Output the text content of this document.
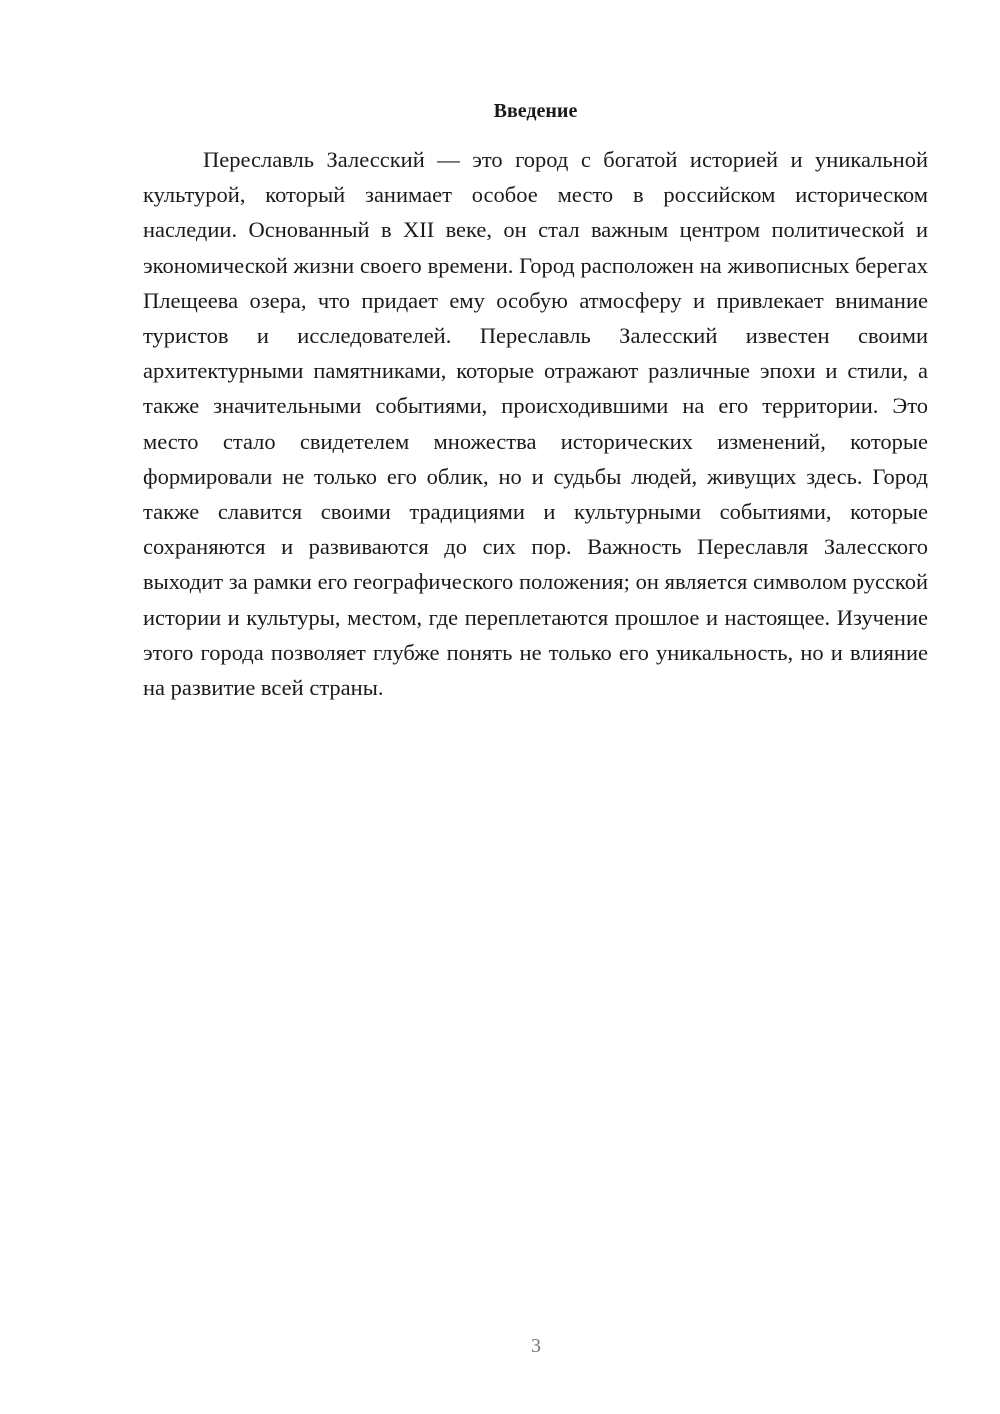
Введение

Переславль Залесский — это город с богатой историей и уникальной культурой, который занимает особое место в российском историческом наследии. Основанный в XII веке, он стал важным центром политической и экономической жизни своего времени. Город расположен на живописных берегах Плещеева озера, что придает ему особую атмосферу и привлекает внимание туристов и исследователей. Переславль Залесский известен своими архитектурными памятниками, которые отражают различные эпохи и стили, а также значительными событиями, происходившими на его территории. Это место стало свидетелем множества исторических изменений, которые формировали не только его облик, но и судьбы людей, живущих здесь. Город также славится своими традициями и культурными событиями, которые сохраняются и развиваются до сих пор. Важность Переславля Залесского выходит за рамки его географического положения; он является символом русской истории и культуры, местом, где переплетаются прошлое и настоящее. Изучение этого города позволяет глубже понять не только его уникальность, но и влияние на развитие всей страны.

3
